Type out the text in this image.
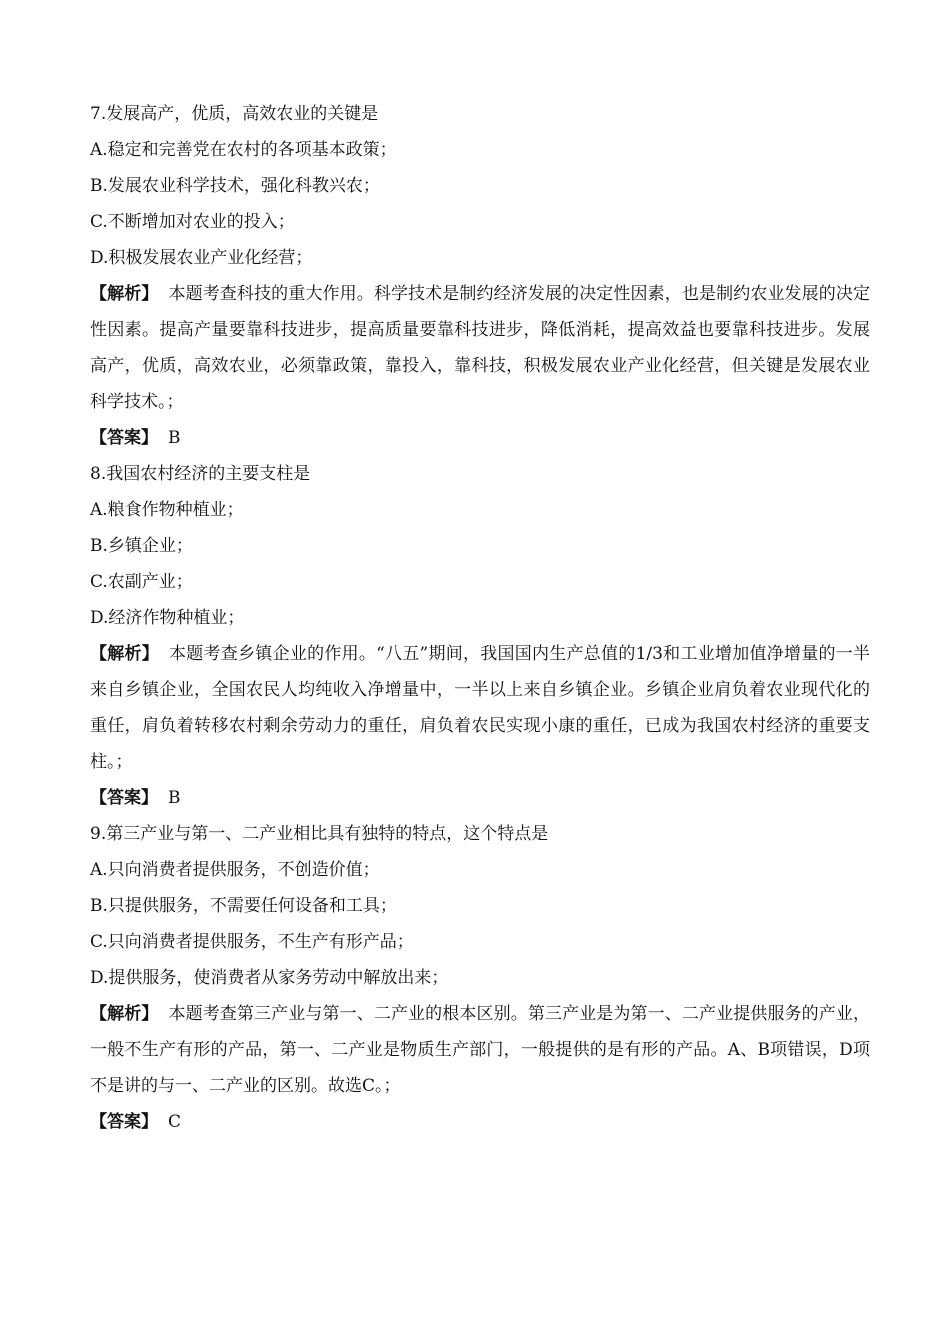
7.发展高产，优质，高效农业的关键是
A.稳定和完善党在农村的各项基本政策；
B.发展农业科学技术，强化科教兴农；
C.不断增加对农业的投入；
D.积极发展农业产业化经营；
【解析】 本题考查科技的重大作用。科学技术是制约经济发展的决定性因素，也是制约农业发展的决定性因素。提高产量要靠科技进步，提高质量要靠科技进步，降低消耗，提高效益也要靠科技进步。发展高产，优质，高效农业，必须靠政策，靠投入，靠科技，积极发展农业产业化经营，但关键是发展农业科学技术。；
【答案】 B
8.我国农村经济的主要支柱是
A.粮食作物种植业；
B.乡镇企业；
C.农副产业；
D.经济作物种植业；
【解析】 本题考查乡镇企业的作用。“八五”期间，我国国内生产总值的1/3和工业增加值净增量的一半来自乡镇企业，全国农民人均纯收入净增量中，一半以上来自乡镇企业。乡镇企业肩负着农业现代化的重任，肩负着转移农村剩余劳动力的重任，肩负着农民实现小康的重任，已成为我国农村经济的重要支柱。；
【答案】 B
9.第三产业与第一、二产业相比具有独特的特点，这个特点是
A.只向消费者提供服务，不创造价值；
B.只提供服务，不需要任何设备和工具；
C.只向消费者提供服务，不生产有形产品；
D.提供服务，使消费者从家务劳动中解放出来；
【解析】 本题考查第三产业与第一、二产业的根本区别。第三产业是为第一、二产业提供服务的产业，一般不生产有形的产品，第一、二产业是物质生产部门，一般提供的是有形的产品。A、B项错误，D项不是讲的与一、二产业的区别。故选C。；
【答案】 C
